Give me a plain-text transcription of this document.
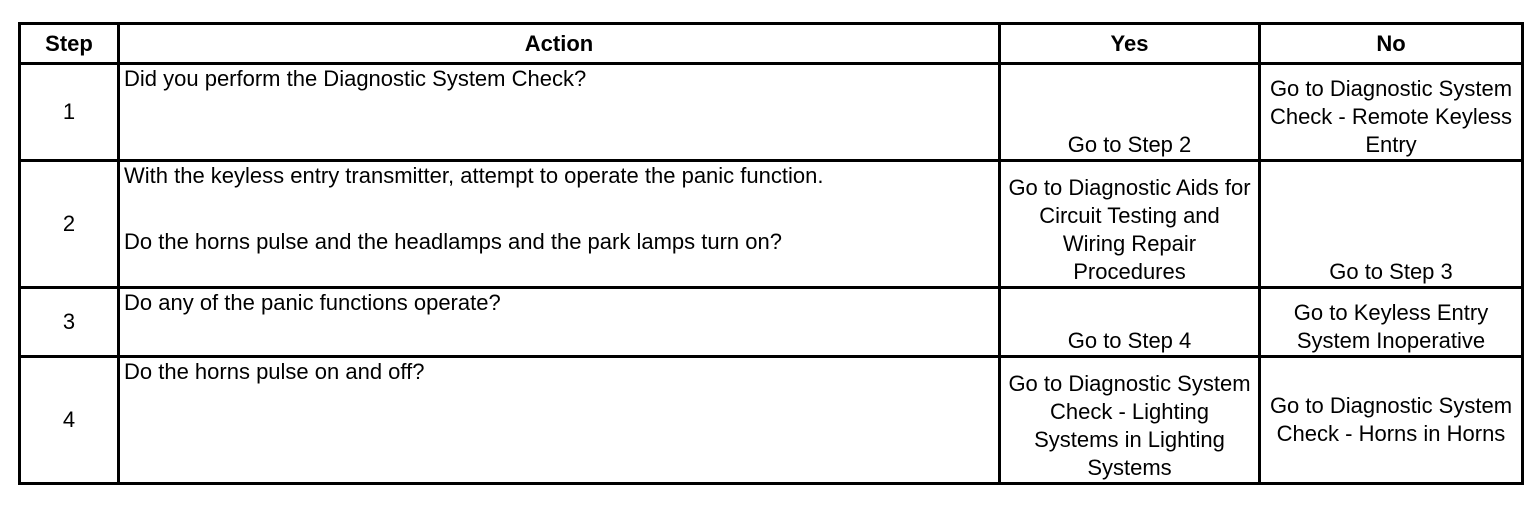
Step	Action	Yes	No
1	Did you perform the Diagnostic System Check?	Go to Step 2	Go to Diagnostic System Check - Remote Keyless Entry
2	With the keyless entry transmitter, attempt to operate the panic function.
Do the horns pulse and the headlamps and the park lamps turn on?	Go to Diagnostic Aids for Circuit Testing and Wiring Repair Procedures	Go to Step 3
3	Do any of the panic functions operate?	Go to Step 4	Go to Keyless Entry System Inoperative
4	Do the horns pulse on and off?	Go to Diagnostic System Check - Lighting Systems in Lighting Systems	Go to Diagnostic System Check - Horns in Horns
